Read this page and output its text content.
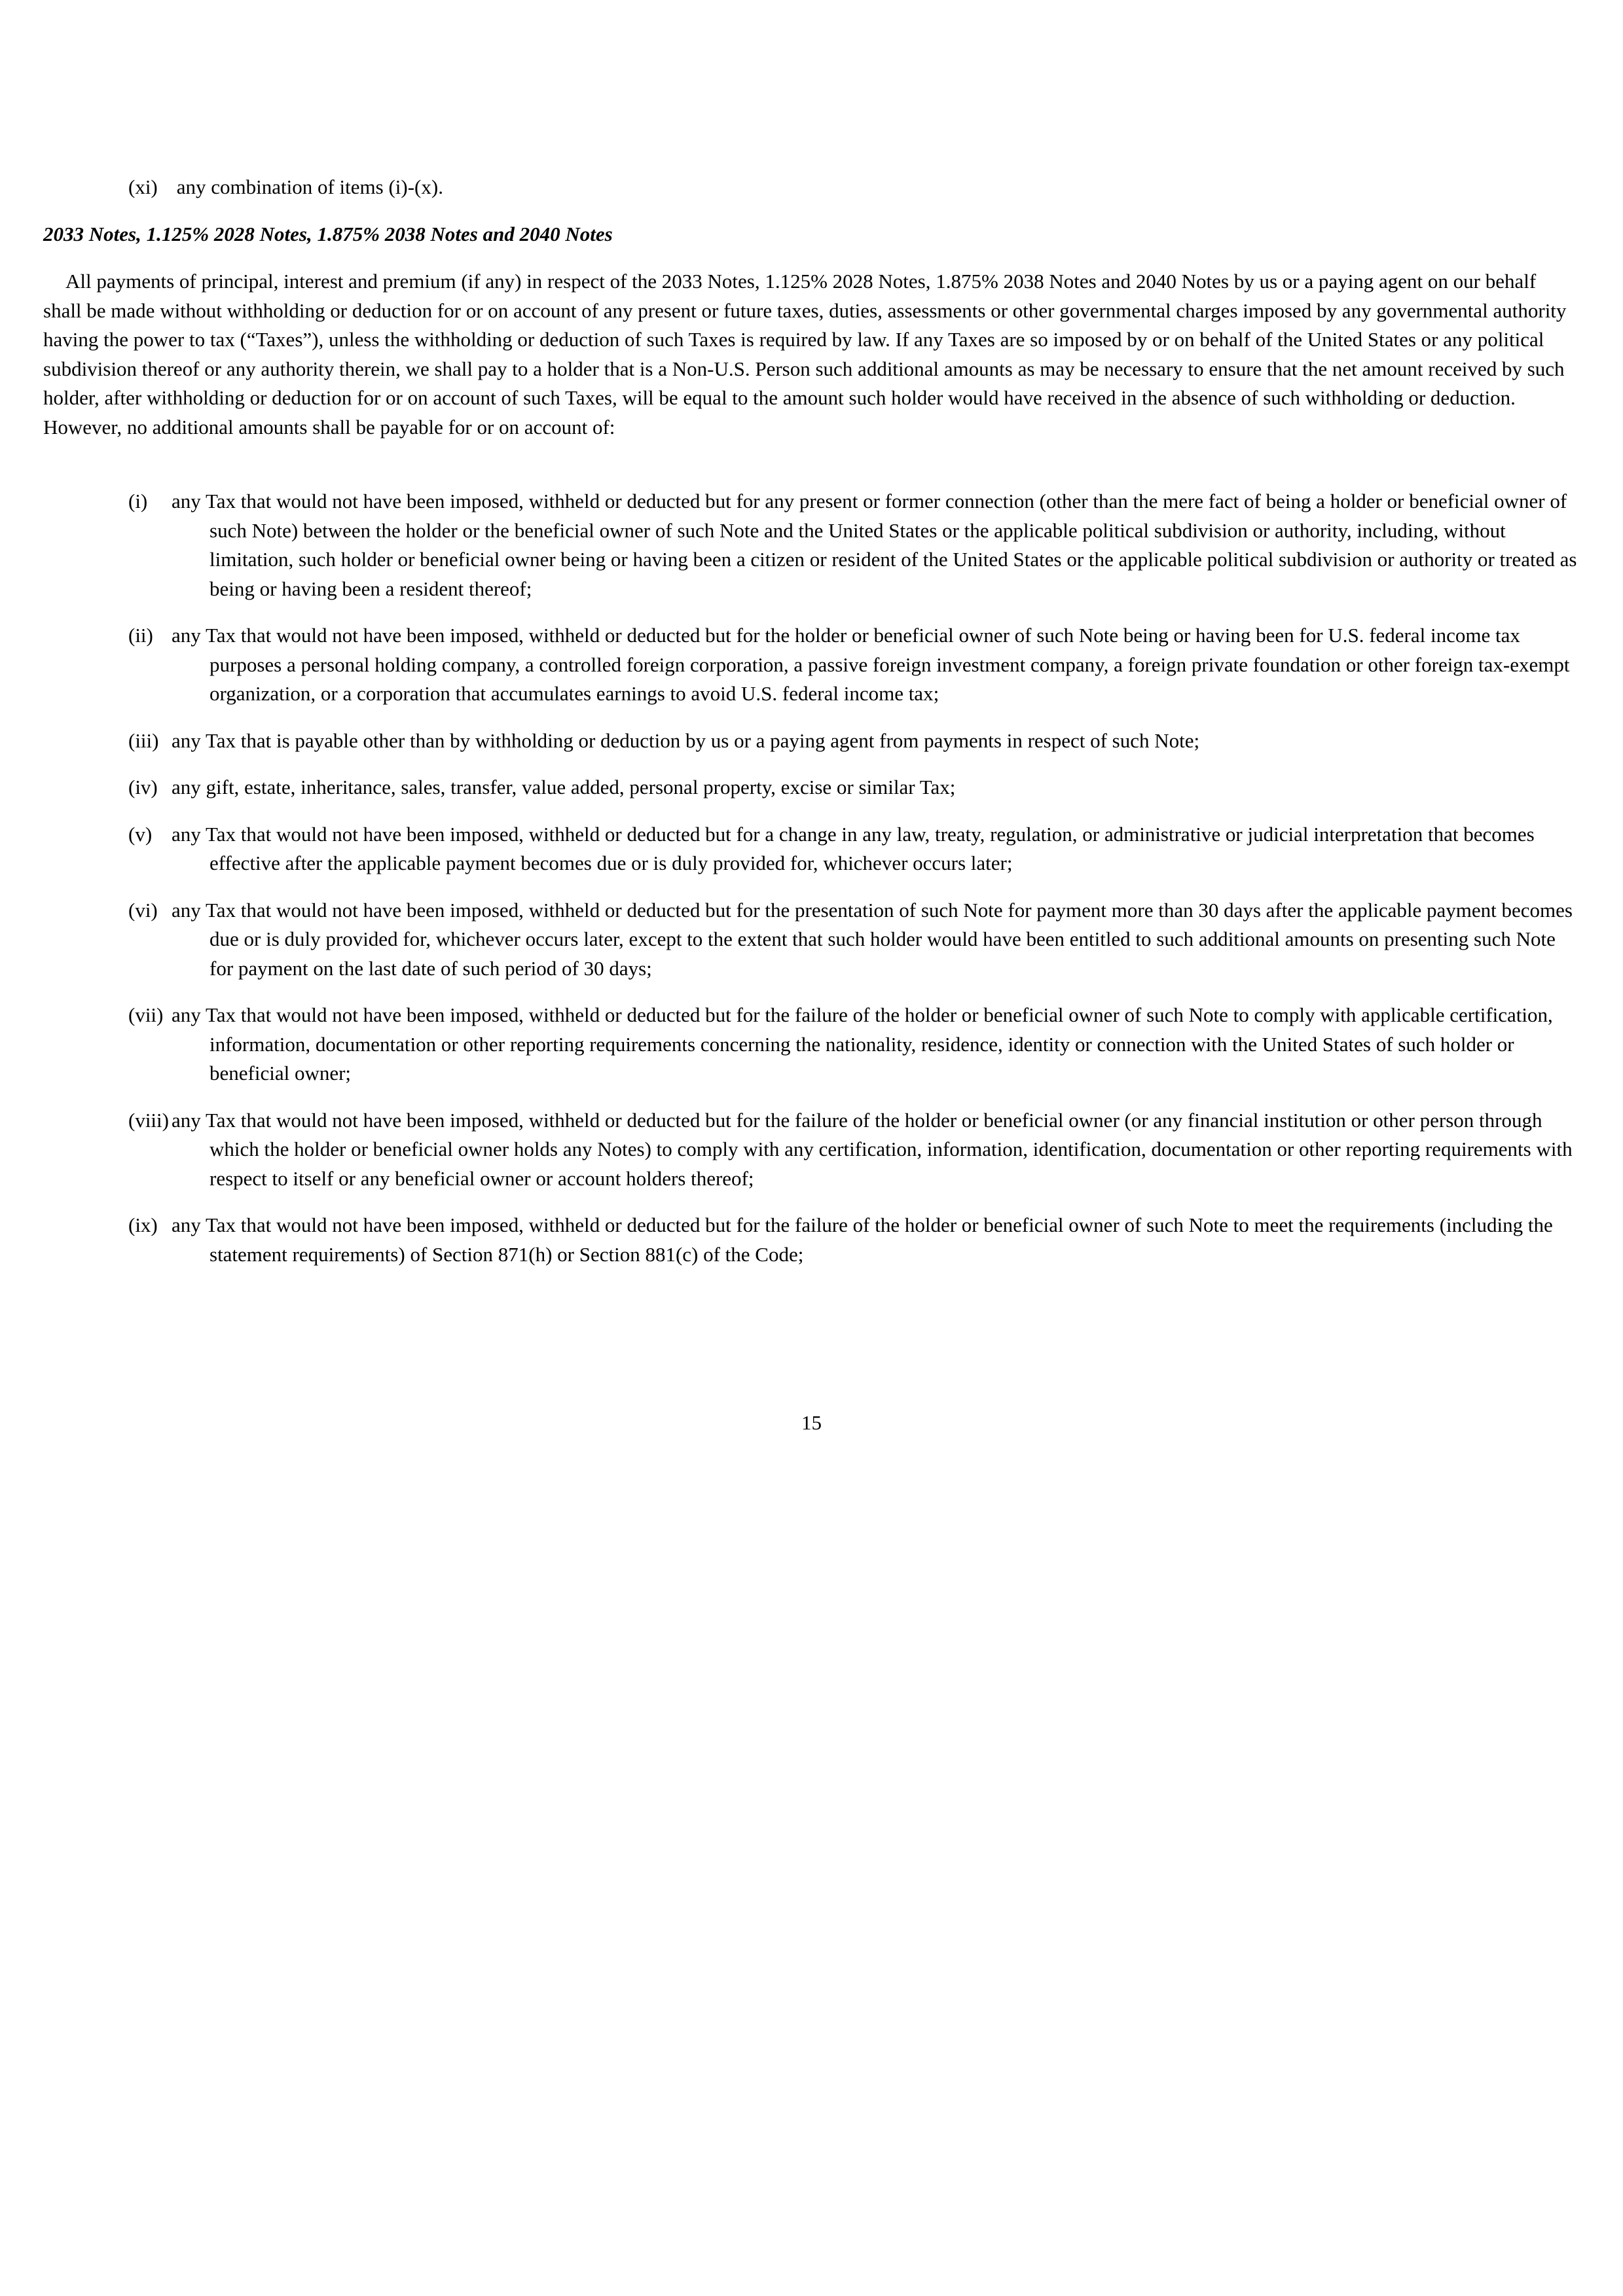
(xi) any combination of items (i)-(x).
2033 Notes, 1.125% 2028 Notes, 1.875% 2038 Notes and 2040 Notes

All payments of principal, interest and premium (if any) in respect of the 2033 Notes, 1.125% 2028 Notes, 1.875% 2038 Notes and 2040 Notes by us or a paying agent on our behalf shall be made without withholding or deduction for or on account of any present or future taxes, duties, assessments or other governmental charges imposed by any governmental authority having the power to tax (“Taxes”), unless the withholding or deduction of such Taxes is required by law. If any Taxes are so imposed by or on behalf of the United States or any political subdivision thereof or any authority therein, we shall pay to a holder that is a Non-U.S. Person such additional amounts as may be necessary to ensure that the net amount received by such holder, after withholding or deduction for or on account of such Taxes, will be equal to the amount such holder would have received in the absence of such withholding or deduction. However, no additional amounts shall be payable for or on account of:

(i) any Tax that would not have been imposed, withheld or deducted but for any present or former connection (other than the mere fact of being a holder or beneficial owner of such Note) between the holder or the beneficial owner of such Note and the United States or the applicable political subdivision or authority, including, without limitation, such holder or beneficial owner being or having been a citizen or resident of the United States or the applicable political subdivision or authority or treated as being or having been a resident thereof;
(ii) any Tax that would not have been imposed, withheld or deducted but for the holder or beneficial owner of such Note being or having been for U.S. federal income tax purposes a personal holding company, a controlled foreign corporation, a passive foreign investment company, a foreign private foundation or other foreign tax-exempt organization, or a corporation that accumulates earnings to avoid U.S. federal income tax;
(iii) any Tax that is payable other than by withholding or deduction by us or a paying agent from payments in respect of such Note;
(iv) any gift, estate, inheritance, sales, transfer, value added, personal property, excise or similar Tax;
(v) any Tax that would not have been imposed, withheld or deducted but for a change in any law, treaty, regulation, or administrative or judicial interpretation that becomes effective after the applicable payment becomes due or is duly provided for, whichever occurs later;
(vi) any Tax that would not have been imposed, withheld or deducted but for the presentation of such Note for payment more than 30 days after the applicable payment becomes due or is duly provided for, whichever occurs later, except to the extent that such holder would have been entitled to such additional amounts on presenting such Note for payment on the last date of such period of 30 days;
(vii) any Tax that would not have been imposed, withheld or deducted but for the failure of the holder or beneficial owner of such Note to comply with applicable certification, information, documentation or other reporting requirements concerning the nationality, residence, identity or connection with the United States of such holder or beneficial owner;
(viii) any Tax that would not have been imposed, withheld or deducted but for the failure of the holder or beneficial owner (or any financial institution or other person through which the holder or beneficial owner holds any Notes) to comply with any certification, information, identification, documentation or other reporting requirements with respect to itself or any beneficial owner or account holders thereof;
(ix) any Tax that would not have been imposed, withheld or deducted but for the failure of the holder or beneficial owner of such Note to meet the requirements (including the statement requirements) of Section 871(h) or Section 881(c) of the Code;
15
